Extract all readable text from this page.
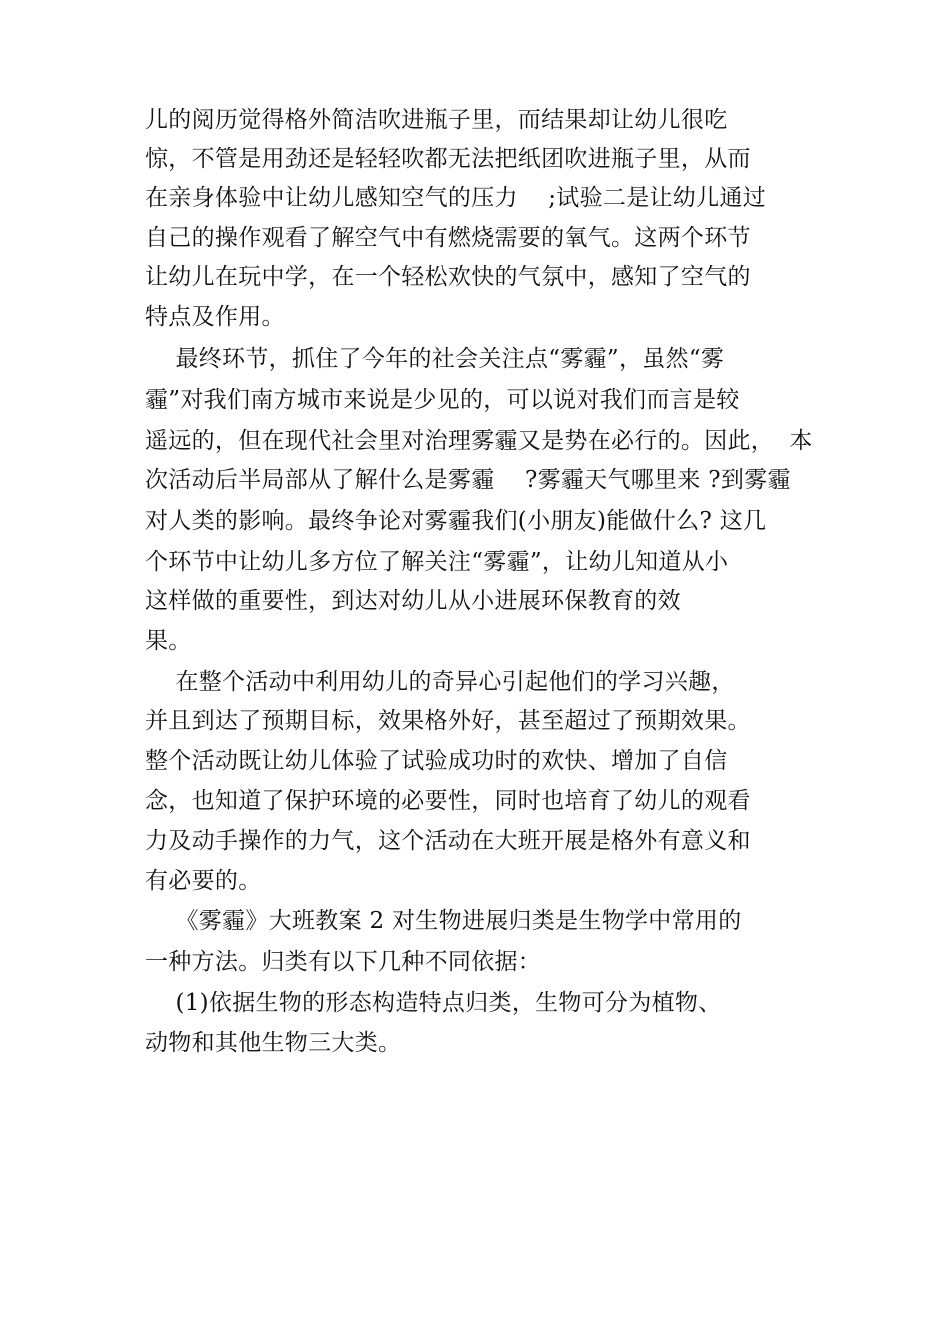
儿的阅历觉得格外简洁吹进瓶子里，而结果却让幼儿很吃
惊，不管是用劲还是轻轻吹都无法把纸团吹进瓶子里，从而
在亲身体验中让幼儿感知空气的压力    ;试验二是让幼儿通过
自己的操作观看了解空气中有燃烧需要的氧气。这两个环节
让幼儿在玩中学，在一个轻松欢快的气氛中，感知了空气的
特点及作用。
最终环节，抓住了今年的社会关注点“雾霾”，虽然“雾
霾”对我们南方城市来说是少见的，可以说对我们而言是较
遥远的，但在现代社会里对治理雾霾又是势在必行的。因此，  本
次活动后半局部从了解什么是雾霾    ?雾霾天气哪里来 ?到雾霾
对人类的影响。最终争论对雾霾我们(小朋友)能做什么? 这几
个环节中让幼儿多方位了解关注“雾霾”，让幼儿知道从小
这样做的重要性，到达对幼儿从小进展环保教育的效
果。
在整个活动中利用幼儿的奇异心引起他们的学习兴趣，
并且到达了预期目标，效果格外好，甚至超过了预期效果。
整个活动既让幼儿体验了试验成功时的欢快、增加了自信
念，也知道了保护环境的必要性，同时也培育了幼儿的观看
力及动手操作的力气，这个活动在大班开展是格外有意义和
有必要的。
《雾霾》大班教案 2 对生物进展归类是生物学中常用的
一种方法。归类有以下几种不同依据：
(1)依据生物的形态构造特点归类，生物可分为植物、
动物和其他生物三大类。
